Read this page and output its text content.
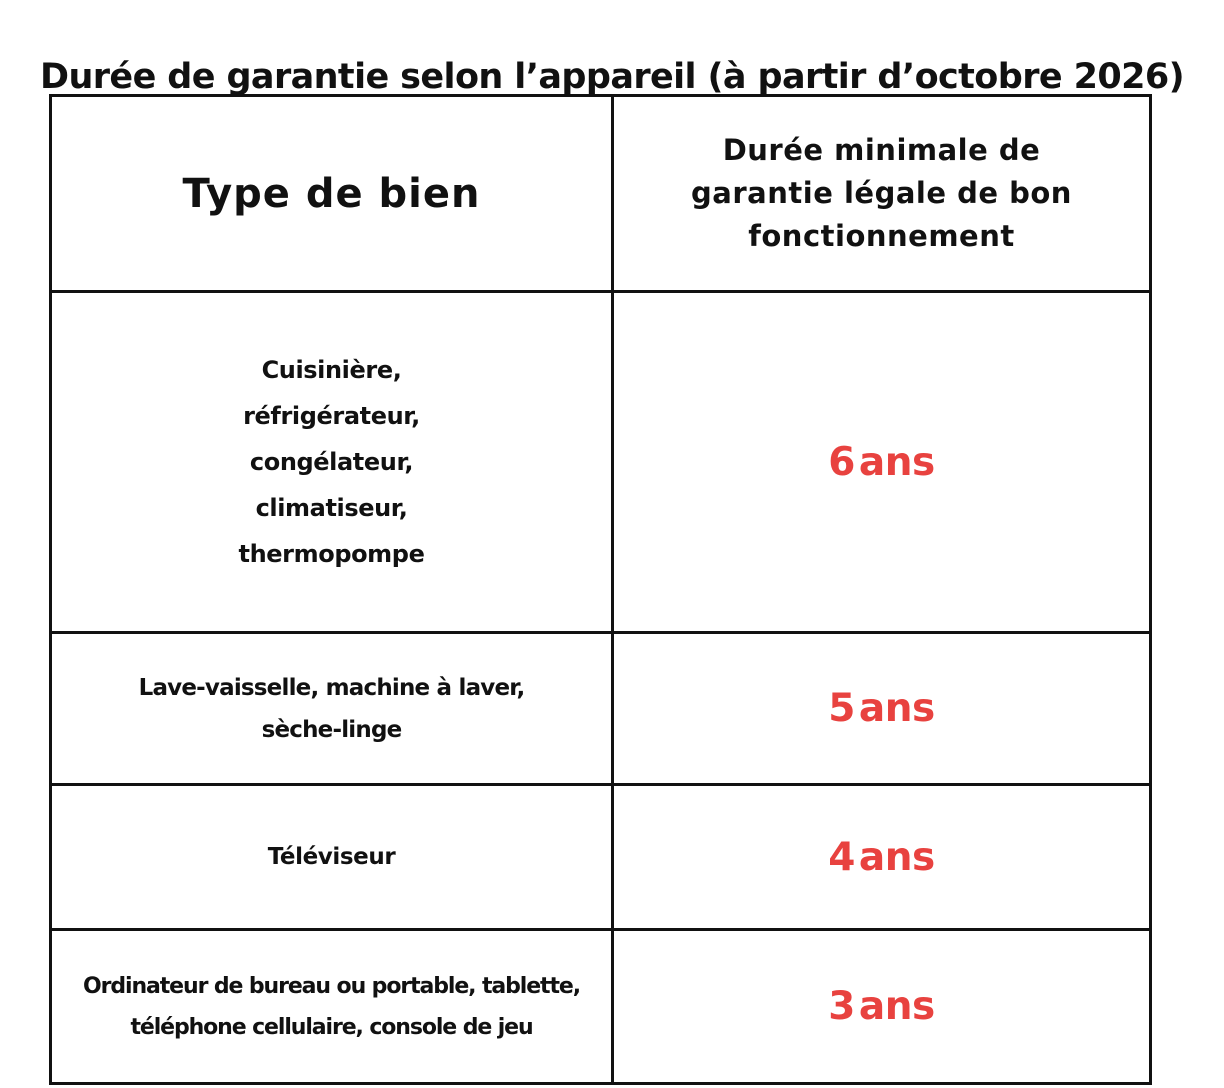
Durée de garantie selon l’appareil (à partir d’octobre 2026)
Type de bien	Durée minimale de
garantie légale de bon
fonctionnement

Cuisinière,
réfrigérateur,
congélateur,
climatiseur,
thermopompe	6 ans

Lave-vaisselle, machine à laver,
sèche-linge	5 ans

Téléviseur	4 ans

Ordinateur de bureau ou portable, tablette,
téléphone cellulaire, console de jeu	3 ans
